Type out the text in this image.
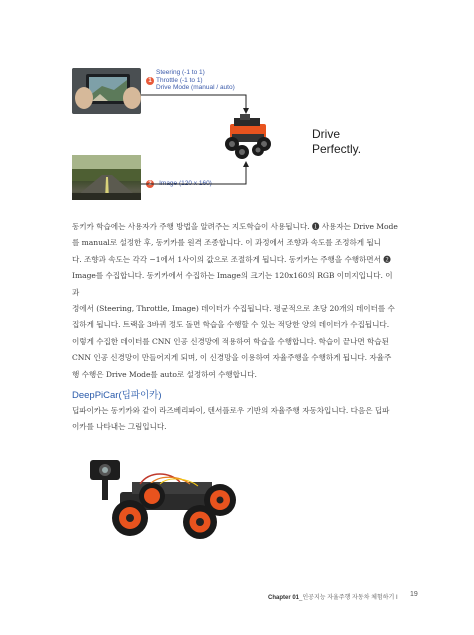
Steering (-1 to 1)
1 Throttle (-1 to 1)
Drive Mode (manual / auto)
2 Image (120 x 160)
Drive
Perfectly.
동키카 학습에는 사용자가 주행 방법을 알려주는 지도학습이 사용됩니다. ❶ 사용자는 Drive Mode
를 manual로 설정한 후, 동키카를 원격 조종합니다. 이 과정에서 조향과 속도를 조정하게 됩니
다. 조향과 속도는 각각 −1에서 1사이의 값으로 조절하게 됩니다. 동키카는 주행을 수행하면서 ❷
Image를 수집합니다. 동키카에서 수집하는 Image의 크기는 120x160의 RGB 이미지입니다. 이 과
정에서 (Steering, Throttle, Image) 데이터가 수집됩니다. 평균적으로 초당 20개의 데이터를 수
집하게 됩니다. 트랙을 3바퀴 정도 돌면 학습을 수행할 수 있는 적당한 양의 데이터가 수집됩니다.
이렇게 수집한 데이터를 CNN 인공 신경망에 적용하여 학습을 수행합니다. 학습이 끝나면 학습된
CNN 인공 신경망이 만들어지게 되며, 이 신경망을 이용하여 자율주행을 수행하게 됩니다. 자율주
행 수행은 Drive Mode를 auto로 설정하여 수행합니다.
DeepPiCar(딥파이카)
딥파이카는 동키카와 같이 라즈베리파이, 텐서플로우 기반의 자율주행 자동차입니다. 다음은 딥파
이카를 나타내는 그림입니다.
Chapter 01_인공지능 자율주행 자동차 체험하기 I 19
